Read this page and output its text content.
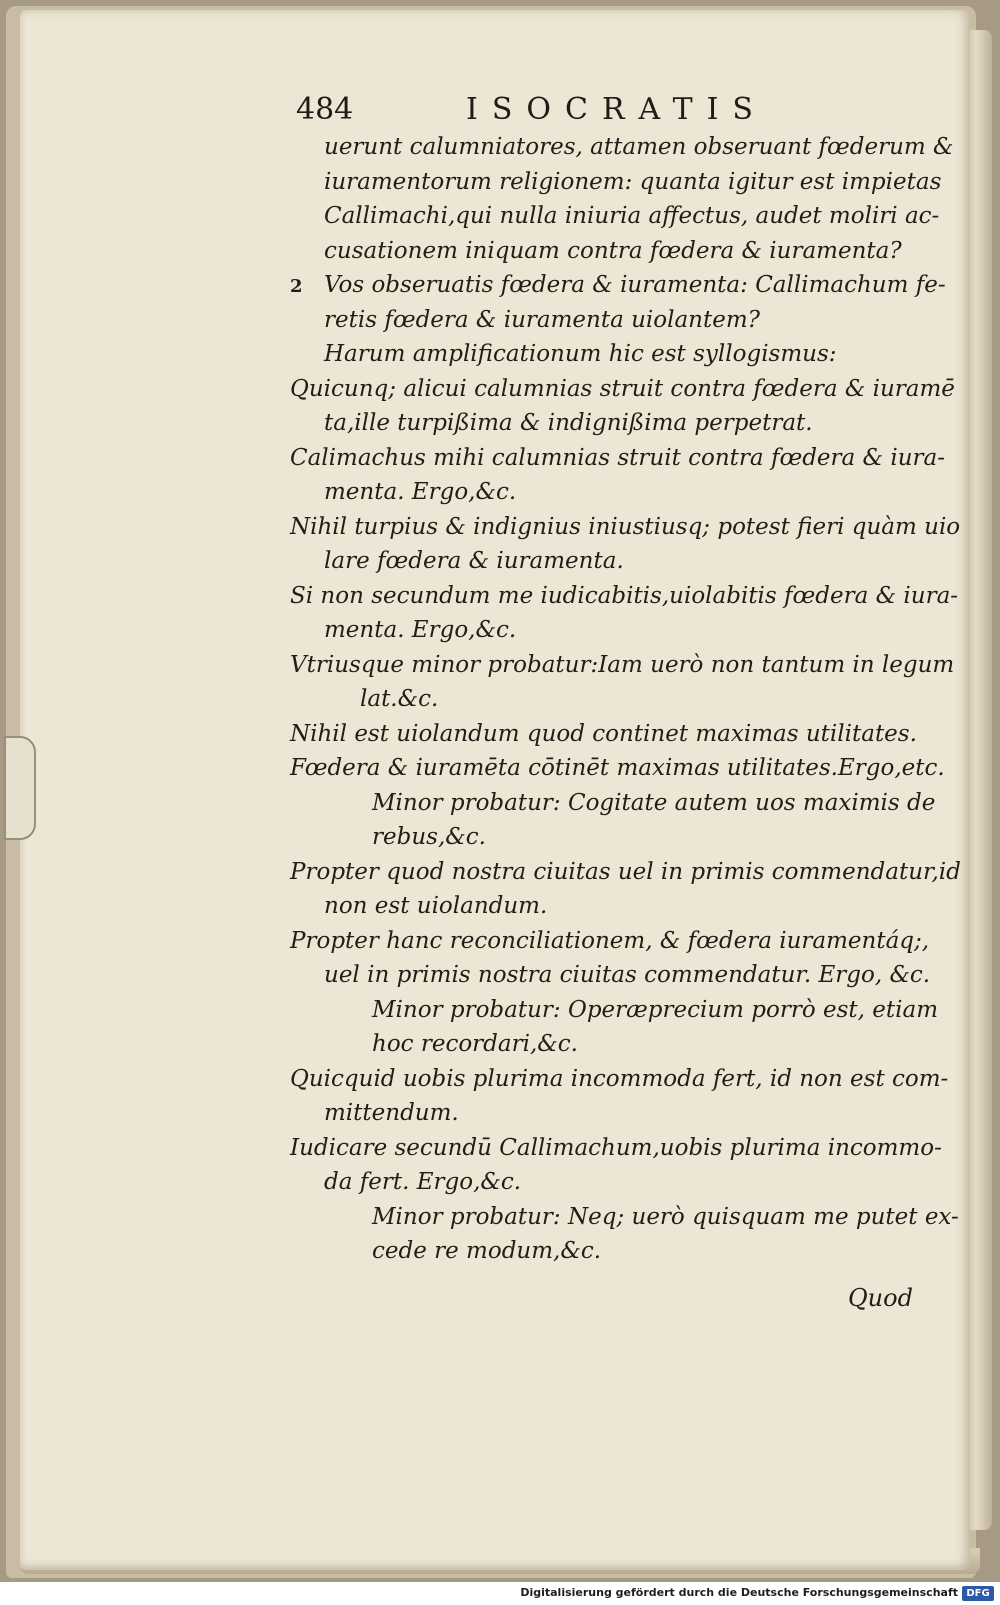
484	ISOCRATIS
uerunt calumniatores, attamen obseruant fœderum &
iuramentorum religionem: quanta igitur est impietas
Callimachi,qui nulla iniuria affectus, audet moliri ac-
cusationem iniquam contra fœdera & iuramenta?
2 Vos obseruatis fœdera & iuramenta: Callimachum fe-
retis fœdera & iuramenta uiolantem?
Harum amplificationum hic est syllogismus:
Quicunq; alicui calumnias struit contra fœdera & iuramē
ta,ille turpißima & indignißima perpetrat.
Calimachus mihi calumnias struit contra fœdera & iura-
menta. Ergo,&c.
Nihil turpius & indignius iniustiusq; potest fieri quàm uio
lare fœdera & iuramenta.
Si non secundum me iudicabitis,uiolabitis fœdera & iura-
menta. Ergo,&c.
Vtriusque minor probatur:Iam uerò non tantum in legum
lat.&c.
Nihil est uiolandum quod continet maximas utilitates.
Fœdera & iuramēta cōtinēt maximas utilitates.Ergo,etc.
Minor probatur: Cogitate autem uos maximis de
rebus,&c.
Propter quod nostra ciuitas uel in primis commendatur,id
non est uiolandum.
Propter hanc reconciliationem, & fœdera iuramentáq;,
uel in primis nostra ciuitas commendatur. Ergo, &c.
Minor probatur: Operæprecium porrò est, etiam
hoc recordari,&c.
Quicquid uobis plurima incommoda fert, id non est com-
mittendum.
Iudicare secundū Callimachum,uobis plurima incommo-
da fert. Ergo,&c.
Minor probatur: Neq; uerò quisquam me putet ex-
cede re modum,&c.
Quod
Digitalisierung gefördert durch die Deutsche Forschungsgemeinschaft DFG
